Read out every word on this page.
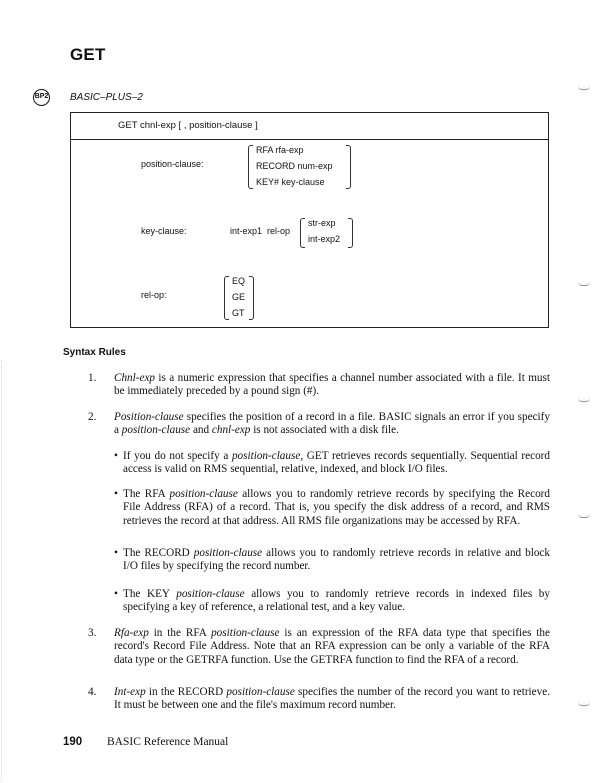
GET
BP2 BASIC–PLUS–2
GET chnl-exp [ , position-clause ]
position-clause:
RFA rfa-exp
RECORD num-exp
KEY# key-clause
key-clause:	int-exp1  rel-op
str-exp
int-exp2
rel-op:
EQ
GE
GT
Syntax Rules
1. Chnl-exp is a numeric expression that specifies a channel number associated with a file. It must be immediately preceded by a pound sign (#).
2. Position-clause specifies the position of a record in a file. BASIC signals an error if you specify a position-clause and chnl-exp is not associated with a disk file.
• If you do not specify a position-clause, GET retrieves records sequentially. Sequential record access is valid on RMS sequential, relative, indexed, and block I/O files.
• The RFA position-clause allows you to randomly retrieve records by specifying the Record File Address (RFA) of a record. That is, you specify the disk address of a record, and RMS retrieves the record at that address. All RMS file organizations may be accessed by RFA.
• The RECORD position-clause allows you to randomly retrieve records in relative and block I/O files by specifying the record number.
• The KEY position-clause allows you to randomly retrieve records in indexed files by specifying a key of reference, a relational test, and a key value.
3. Rfa-exp in the RFA position-clause is an expression of the RFA data type that specifies the record's Record File Address. Note that an RFA expression can be only a variable of the RFA data type or the GETRFA function. Use the GETRFA function to find the RFA of a record.
4. Int-exp in the RECORD position-clause specifies the number of the record you want to retrieve. It must be between one and the file's maximum record number.
190 BASIC Reference Manual
